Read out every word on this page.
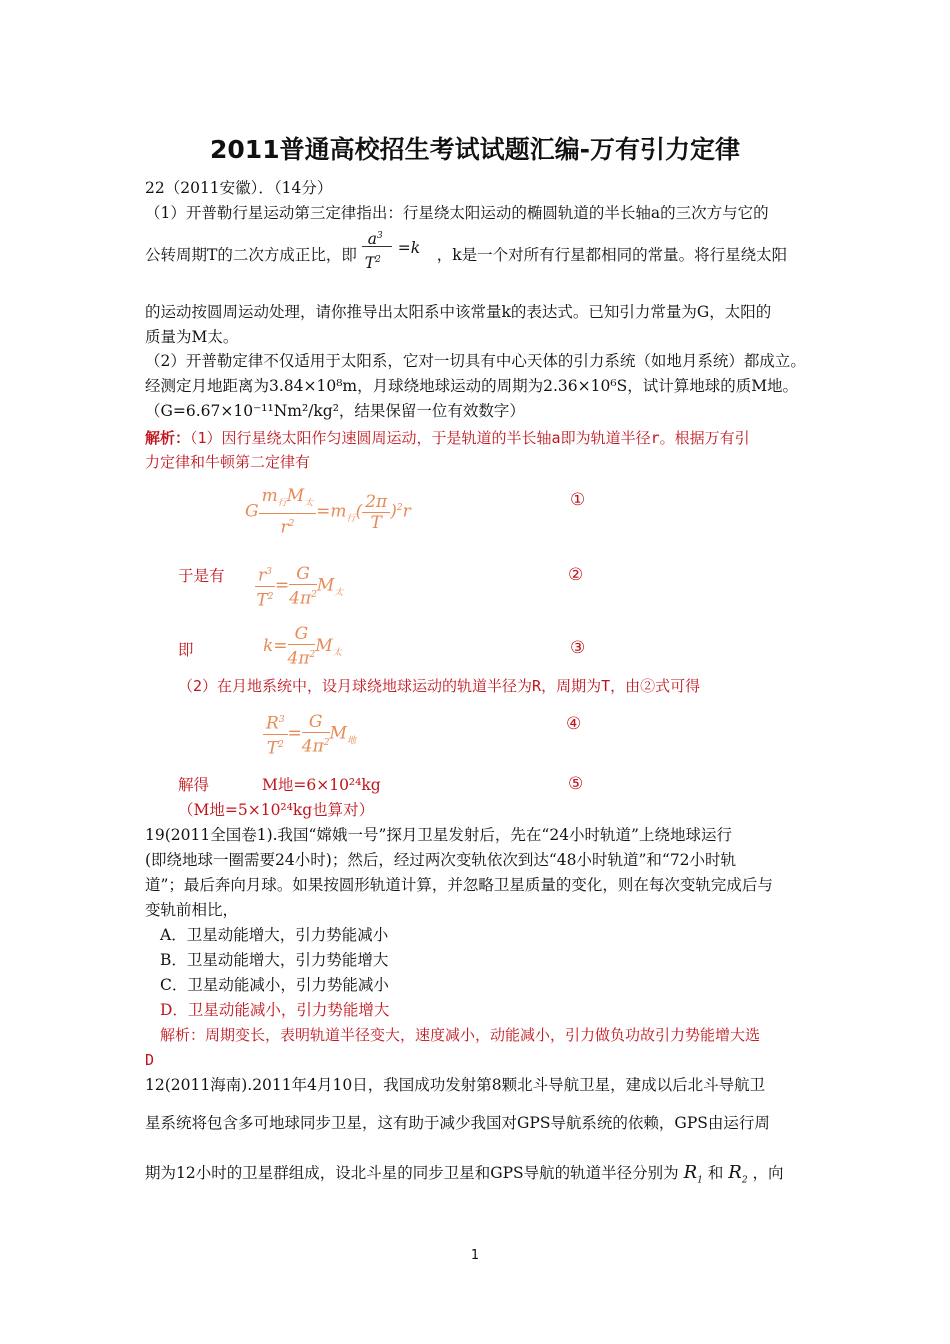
2011普通高校招生考试试题汇编-万有引力定律
22（2011安徽）．（14分）
（1）开普勒行星运动第三定律指出：行星绕太阳运动的椭圆轨道的半长轴a的三次方与它的
公转周期T的二次方成正比，即
$a^3$
$T^2$
=k ，k是一个对所有行星都相同的常量。将行星绕太阳
的运动按圆周运动处理，请你推导出太阳系中该常量k的表达式。已知引力常量为G，太阳的
质量为M太。
（2）开普勒定律不仅适用于太阳系，它对一切具有中心天体的引力系统（如地月系统）都成立。
经测定月地距离为3.84×10⁸m，月球绕地球运动的周期为2.36×10⁶S，试计算地球的质M地。
（G=6.67×10⁻¹¹Nm²/kg²，结果保留一位有效数字）
解析：（1）因行星绕太阳作匀速圆周运动，于是轨道的半长轴a即为轨道半径r。根据万有引
力定律和牛顿第二定律有
G $\frac{m_行M_太}{r^2} =m_行( \frac{2\pi}{T} )^2r$
①
于是有 $\frac{r^3}{T^2} = \frac{G}{4\pi^2} M_太$
②
即	$k= \frac{G}{4\pi^2} M_太$	③
（2）在月地系统中，设月球绕地球运动的轨道半径为R，周期为T，由②式可得
$\frac{R^3}{T^2} = \frac{G}{4\pi^2} M_地$
④
解得	M地=6×10²⁴kg	⑤
（M地=5×10²⁴kg也算对）
19(2011全国卷1).我国“嫦娥一号”探月卫星发射后，先在“24小时轨道”上绕地球运行
(即绕地球一圈需要24小时)；然后，经过两次变轨依次到达“48小时轨道”和“72小时轨
道”；最后奔向月球。如果按圆形轨道计算，并忽略卫星质量的变化，则在每次变轨完成后与
变轨前相比，
A．卫星动能增大，引力势能减小
B．卫星动能增大，引力势能增大
C．卫星动能减小，引力势能减小
D．卫星动能减小，引力势能增大
解析：周期变长，表明轨道半径变大，速度减小，动能减小，引力做负功故引力势能增大选
D
12(2011海南).2011年4月10日，我国成功发射第8颗北斗导航卫星，建成以后北斗导航卫
星系统将包含多可地球同步卫星，这有助于减少我国对GPS导航系统的依赖，GPS由运行周
期为12小时的卫星群组成，设北斗星的同步卫星和GPS导航的轨道半径分别为 $R_1$ 和 $R_2$ ，向
1
